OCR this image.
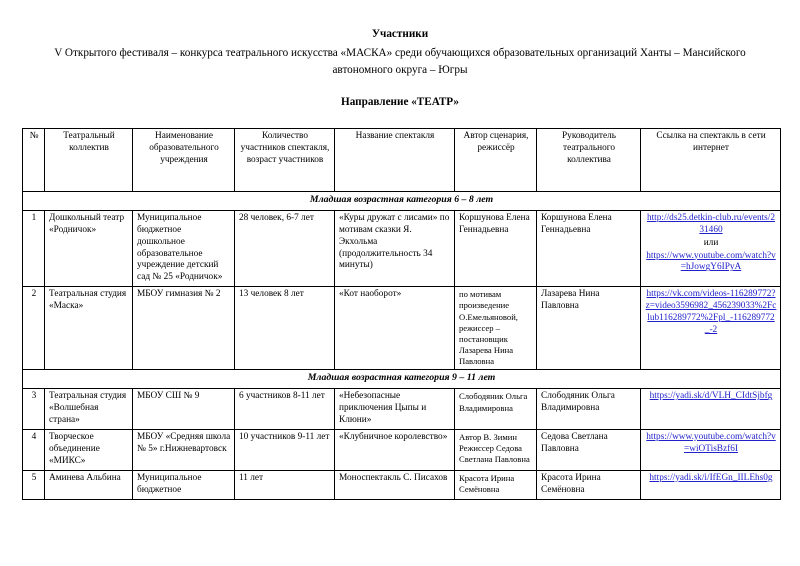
Участники
V Открытого фестиваля – конкурса театрального искусства «МАСКА» среди обучающихся образовательных организаций Ханты – Мансийского автономного округа – Югры
Направление «ТЕАТР»
№	Театральный коллектив	Наименование образовательного учреждения	Количество участников спектакля, возраст участников	Название спектакля	Автор сценария, режиссёр	Руководитель театрального коллектива	Ссылка на спектакль в сети интернет
Младшая возрастная категория 6 – 8 лет							
1	Дошкольный театр «Родничок»	Муниципальное бюджетное дошкольное образовательное учреждение детский сад № 25 «Родничок»	28 человек, 6-7 лет	«Куры дружат с лисами» по мотивам сказки Я. Экхольма (продолжительность 34 минуты)	Коршунова Елена Геннадьевна	Коршунова Елена Геннадьевна	http://ds25.detkin-club.ru/events/231460
или
https://www.youtube.com/watch?v=hJowgY6IPyA
2	Театральная студия «Маска»	МБОУ гимназия № 2	13 человек 8 лет	«Кот наоборот»	по мотивам произведение О.Емельяновой, режиссер – постановщик Лазарева Нина Павловна	Лазарева Нина Павловна	https://vk.com/videos-116289772?z=video3596982_456239033%2Fclub116289772%2Fpl_-116289772_-2
Младшая возрастная категория 9 – 11 лет							
3	Театральная студия «Волшебная страна»	МБОУ СШ № 9	6 участников 8-11 лет	«Небезопасные приключения Цыпы и Клюни»	Слободяник Ольга Владимировна	Слободяник Ольга Владимировна	https://yadi.sk/d/VLH_CIdtSjbfg
4	Творческое объединение «МИКС»	МБОУ «Средняя школа № 5» г.Нижневартовск	10 участников 9-11 лет	«Клубничное королевство»	Автор В. Зимин Режиссер Седова Светлана Павловна	Седова Светлана Павловна	https://www.youtube.com/watch?v=wiOTisBzf6I
5	Аминева Альбина	Муниципальное бюджетное	11 лет	Моноспектакль С. Писахов	Красота Ирина Семёновна	Красота Ирина Семёновна	https://yadi.sk/i/IfEGn_IILEhs0g
